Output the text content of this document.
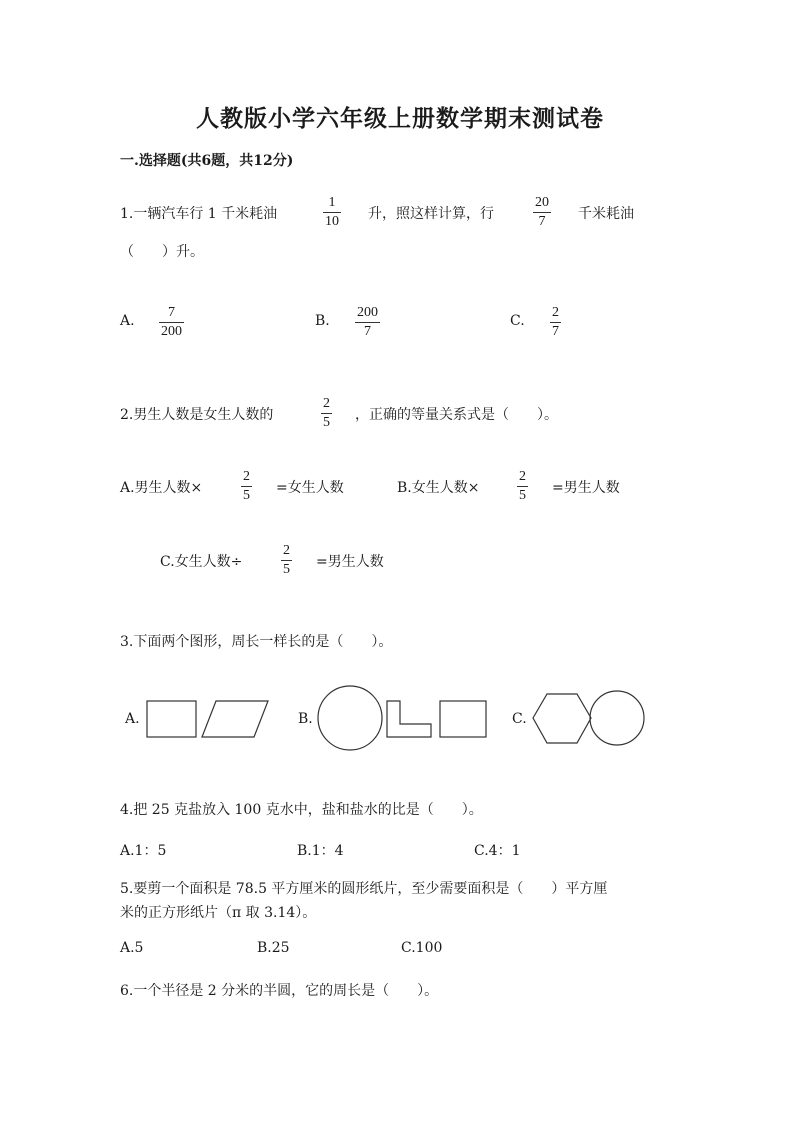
人教版小学六年级上册数学期末测试卷
一.选择题(共6题，共12分)
1.一辆汽车行 1 千米耗油
1
10 升，照这样计算，行
20
7 千米耗油
（　　）升。
A.
7
200
B.
200
7
C.
2
7
2.男生人数是女生人数的
2
5 ，正确的等量关系式是（　　）。
A.男生人数×
2
5 =女生人数	B.女生人数×
2
5 =男生人数
C.女生人数÷
2
5 =男生人数
3.下面两个图形，周长一样长的是（　　）。
A.	B.	C.
4.把 25 克盐放入 100 克水中，盐和盐水的比是（　　）。
A.1：5	B.1：4	C.4：1
5.要剪一个面积是 78.5 平方厘米的圆形纸片，至少需要面积是（　　）平方厘
米的正方形纸片（π 取 3.14）。
A.5	B.25	C.100
6.一个半径是 2 分米的半圆，它的周长是（　　）。
